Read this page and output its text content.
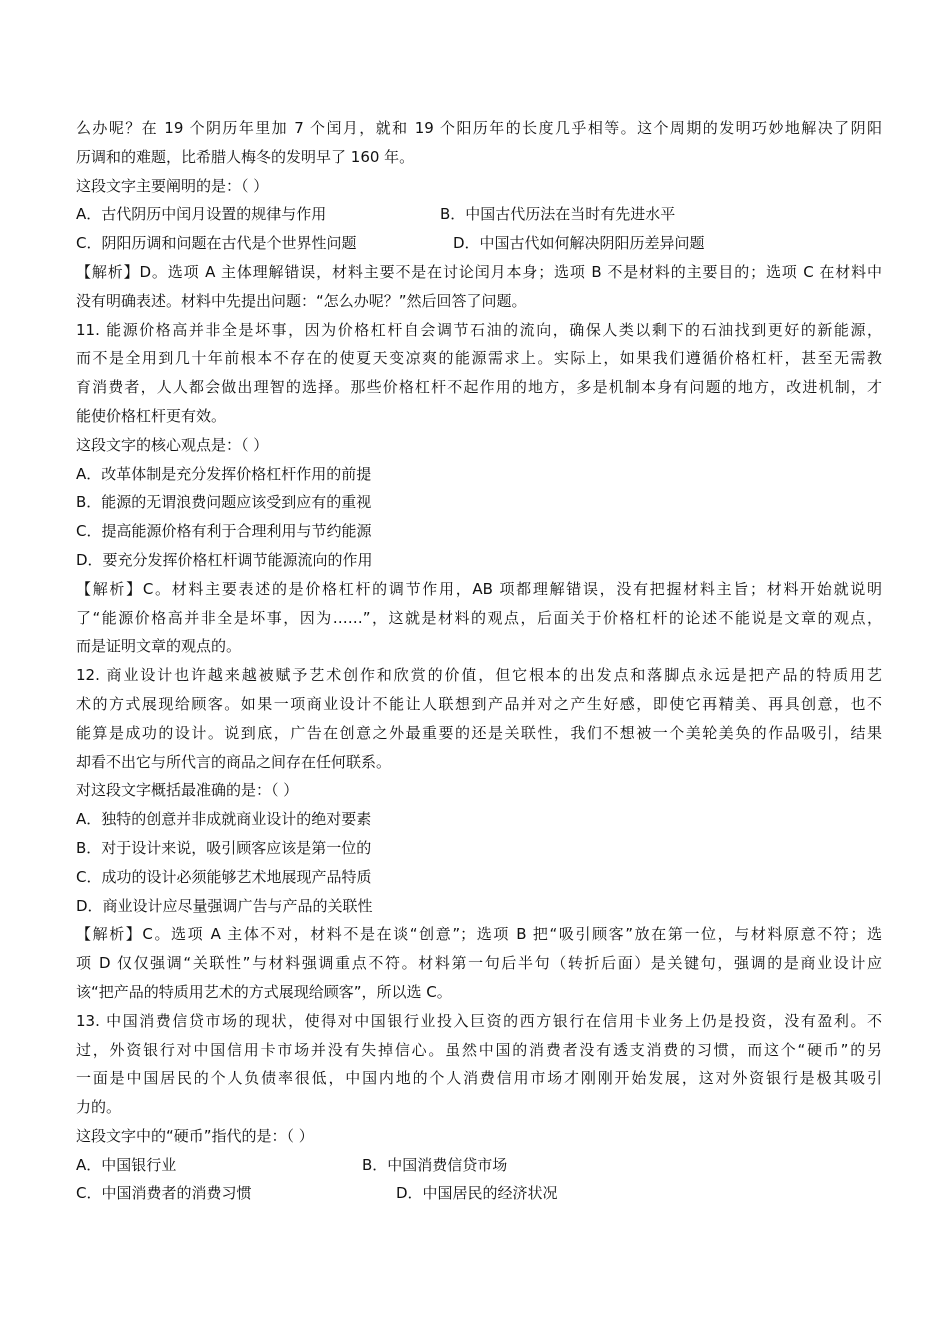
么办呢？在 19 个阴历年里加 7 个闰月，就和 19 个阳历年的长度几乎相等。这个周期的发明巧妙地解决了阴阳
历调和的难题，比希腊人梅冬的发明早了 160 年。
这段文字主要阐明的是：（ ）
A．古代阴历中闰月设置的规律与作用	B．中国古代历法在当时有先进水平
C．阴阳历调和问题在古代是个世界性问题	D．中国古代如何解决阴阳历差异问题
【解析】D。选项 A 主体理解错误，材料主要不是在讨论闰月本身；选项 B 不是材料的主要目的；选项 C 在材料中
没有明确表述。材料中先提出问题：“怎么办呢？”然后回答了问题。
11. 能源价格高并非全是坏事，因为价格杠杆自会调节石油的流向，确保人类以剩下的石油找到更好的新能源，
而不是全用到几十年前根本不存在的使夏天变凉爽的能源需求上。实际上，如果我们遵循价格杠杆，甚至无需教
育消费者，人人都会做出理智的选择。那些价格杠杆不起作用的地方，多是机制本身有问题的地方，改进机制，才
能使价格杠杆更有效。
这段文字的核心观点是：（ ）
A．改革体制是充分发挥价格杠杆作用的前提
B．能源的无谓浪费问题应该受到应有的重视
C．提高能源价格有利于合理利用与节约能源
D．要充分发挥价格杠杆调节能源流向的作用
【解析】C。材料主要表述的是价格杠杆的调节作用，AB 项都理解错误，没有把握材料主旨；材料开始就说明
了“能源价格高并非全是坏事，因为……”，这就是材料的观点，后面关于价格杠杆的论述不能说是文章的观点，
而是证明文章的观点的。
12. 商业设计也许越来越被赋予艺术创作和欣赏的价值，但它根本的出发点和落脚点永远是把产品的特质用艺
术的方式展现给顾客。如果一项商业设计不能让人联想到产品并对之产生好感，即使它再精美、再具创意，也不
能算是成功的设计。说到底，广告在创意之外最重要的还是关联性，我们不想被一个美轮美奂的作品吸引，结果
却看不出它与所代言的商品之间存在任何联系。
对这段文字概括最准确的是：（ ）
A．独特的创意并非成就商业设计的绝对要素
B．对于设计来说，吸引顾客应该是第一位的
C．成功的设计必须能够艺术地展现产品特质
D．商业设计应尽量强调广告与产品的关联性
【解析】C。选项 A 主体不对，材料不是在谈“创意”；选项 B 把“吸引顾客”放在第一位，与材料原意不符；选
项 D 仅仅强调“关联性”与材料强调重点不符。材料第一句后半句（转折后面）是关键句，强调的是商业设计应
该“把产品的特质用艺术的方式展现给顾客”，所以选 C。
13. 中国消费信贷市场的现状，使得对中国银行业投入巨资的西方银行在信用卡业务上仍是投资，没有盈利。不
过，外资银行对中国信用卡市场并没有失掉信心。虽然中国的消费者没有透支消费的习惯，而这个“硬币”的另
一面是中国居民的个人负债率很低，中国内地的个人消费信用市场才刚刚开始发展，这对外资银行是极其吸引
力的。
这段文字中的“硬币”指代的是：（ ）
A．中国银行业	B．中国消费信贷市场
C．中国消费者的消费习惯	D．中国居民的经济状况
